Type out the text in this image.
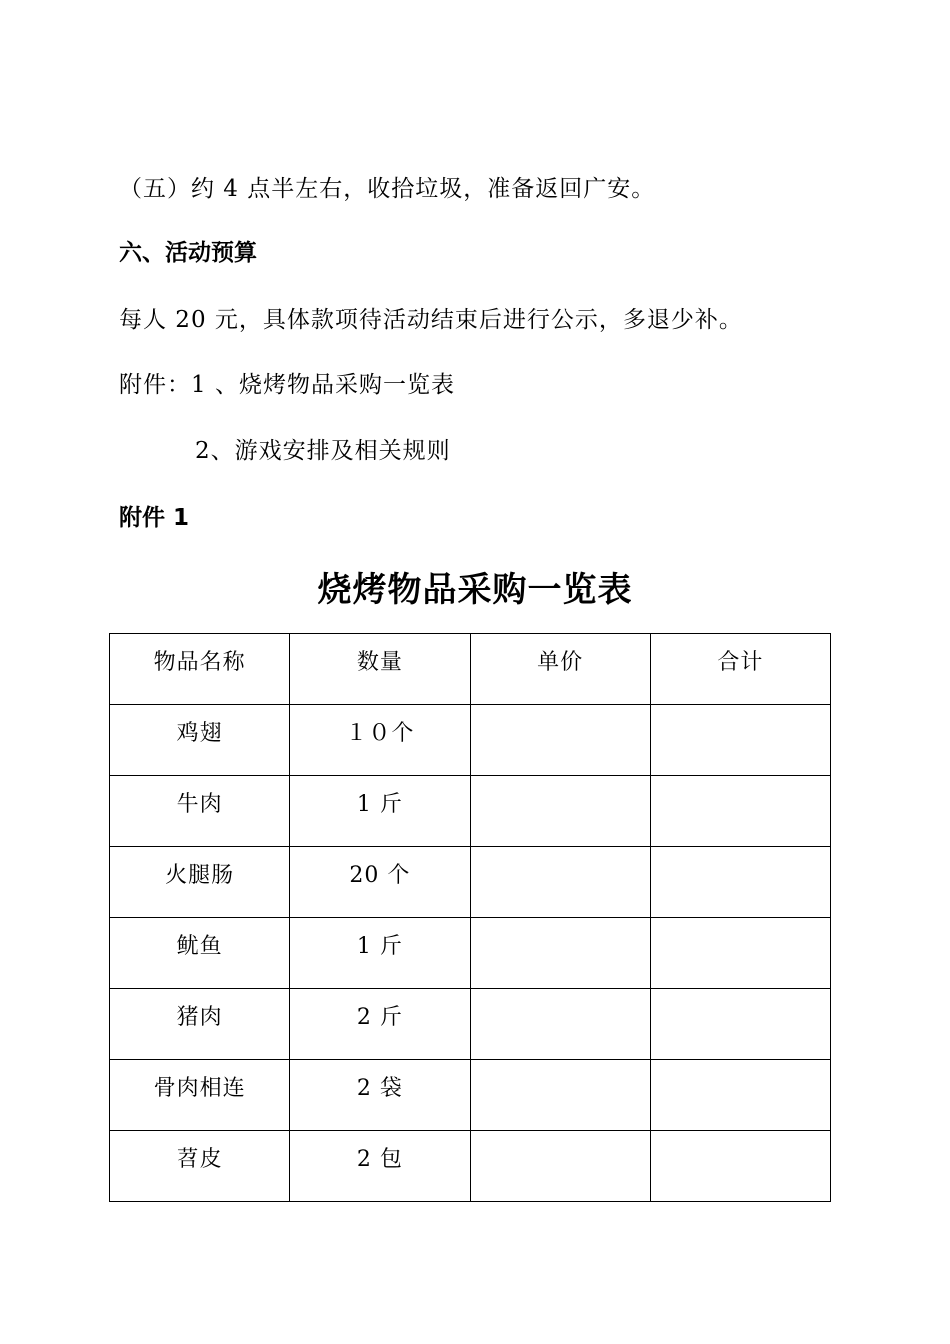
（五）约 4 点半左右，收拾垃圾，准备返回广安。
六、活动预算
每人 20 元，具体款项待活动结束后进行公示，多退少补。
附件：1 、烧烤物品采购一览表
2、游戏安排及相关规则
附件 1
烧烤物品采购一览表
物品名称	数量	单价	合计

鸡翅	１０个		

牛肉	1 斤		

火腿肠	20 个		

鱿鱼	1 斤		

猪肉	2 斤		

骨肉相连	2 袋		

苕皮	2 包		
